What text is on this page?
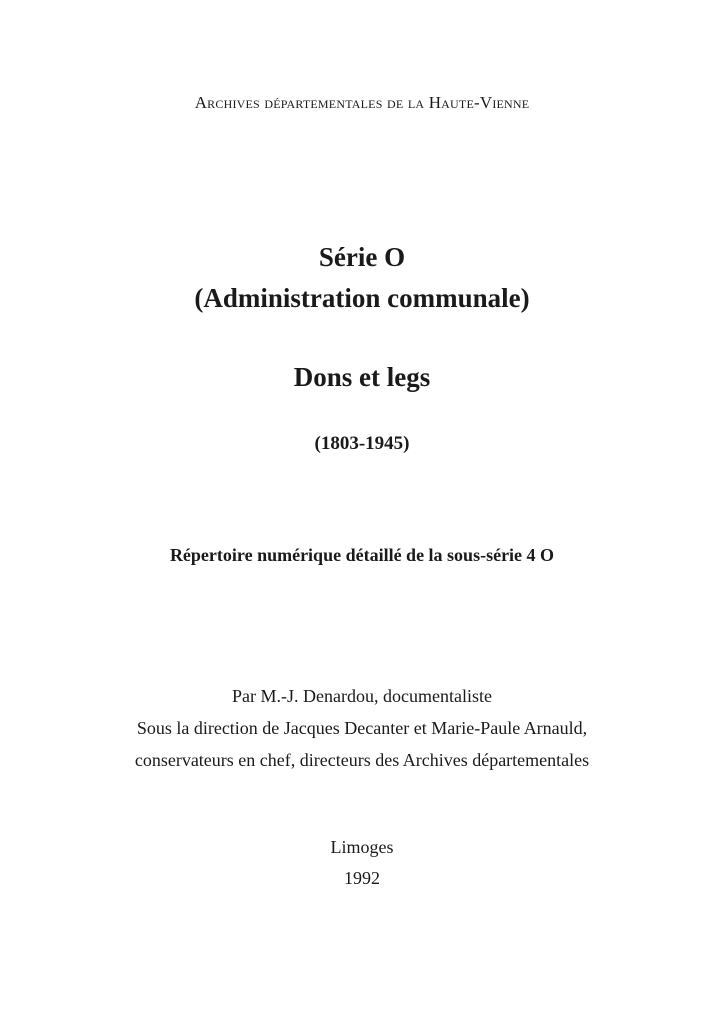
Archives départementales de la Haute-Vienne
Série O
(Administration communale)
Dons et legs
(1803-1945)
Répertoire numérique détaillé de la sous-série 4 O
Par M.-J. Denardou, documentaliste
Sous la direction de Jacques Decanter et Marie-Paule Arnauld,
conservateurs en chef, directeurs des Archives départementales
Limoges
1992
